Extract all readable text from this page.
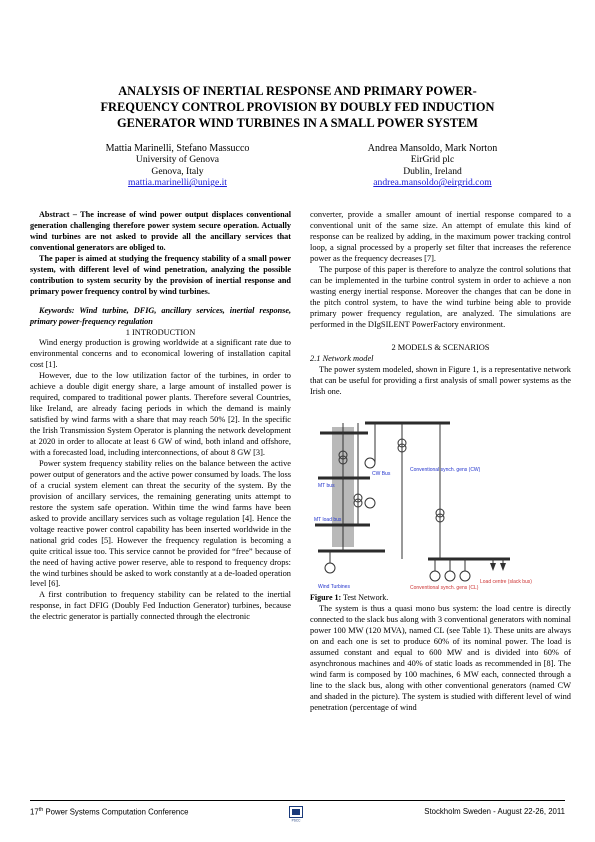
ANALYSIS OF INERTIAL RESPONSE AND PRIMARY POWER-
FREQUENCY CONTROL PROVISION BY DOUBLY FED INDUCTION
GENERATOR WIND TURBINES IN A SMALL POWER SYSTEM
Mattia Marinelli, Stefano Massucco
University of Genova
Genova, Italy
mattia.marinelli@unige.it
Andrea Mansoldo, Mark Norton
EirGrid plc
Dublin, Ireland
andrea.mansoldo@eirgrid.com

Abstract – The increase of wind power output displaces conventional generation challenging therefore power system secure operation. Actually wind turbines are not asked to provide all the ancillary services that conventional generators are obliged to.

The paper is aimed at studying the frequency stability of a small power system, with different level of wind penetration, analyzing the possible contribution to system security by the provision of inertial response and primary power frequency control by wind turbines.

Keywords: Wind turbine, DFIG, ancillary services, inertial response, primary power-frequency regulation

1 INTRODUCTION

Wind energy production is growing worldwide at a significant rate due to environmental concerns and to economical lowering of installation capital cost [1].

However, due to the low utilization factor of the turbines, in order to achieve a double digit energy share, a large amount of installed power is required, compared to traditional power plants. Therefore several Countries, like Ireland, are already facing periods in which the demand is mainly satisfied by wind farms with a share that may reach 50% [2]. In the specific the Irish Transmission System Operator is planning the network development at 2020 in order to allocate at least 6 GW of wind, both inland and offshore, with a forecasted load, including interconnections, of about 8 GW [3].

Power system frequency stability relies on the balance between the active power output of generators and the active power consumed by loads. The loss of a crucial system element can threat the security of the system. By the provision of ancillary services, the remaining generating units attempt to restore the system safe operation. Within time the wind farms have been asked to provide ancillary services such as voltage regulation [4]. Hence the voltage reactive power control capability has been inserted worldwide in the national grid codes [5]. However the frequency regulation is becoming a quite critical issue too. This service cannot be provided for “free” because of the need of having active power reserve, able to respond to frequency drops: the wind turbines should be asked to work constantly at a de-loaded operation level [6].

A first contribution to frequency stability can be related to the inertial response, in fact DFIG (Doubly Fed Induction Generator) turbines, because the electric generator is partially connected through the electronic

converter, provide a smaller amount of inertial response compared to a conventional unit of the same size. An attempt of emulate this kind of response can be realized by adding, in the maximum power tracking control loop, a signal processed by a properly set filter that increases the reference power as the frequency decreases [7].

The purpose of this paper is therefore to analyze the control solutions that can be implemented in the turbine control system in order to achieve a non wasting energy inertial response. Moreover the changes that can be done in the pitch control system, to have the wind turbine being able to provide primary power frequency regulation, are analyzed. The simulations are performed in the DIgSILENT PowerFactory environment.

2 MODELS & SCENARIOS

2.1 Network model

The power system modeled, shown in Figure 1, is a representative network that can be useful for providing a first analysis of small power systems as the Irish one.

CW Bus
Conventional synch. gens (CW)
MT bus
MT load bus
Wind Turbines	Conventional synch. gens (CL)
Load centre (slack bus)

Figure 1: Test Network.

The system is thus a quasi mono bus system: the load centre is directly connected to the slack bus along with 3 conventional generators with nominal power 100 MW (120 MVA), named CL (see Table 1). These units are always on and each one is set to produce 60% of its nominal power. The load is assumed constant and equal to 600 MW and is divided into 60% of asynchronous machines and 40% of static loads as recommended in [8]. The wind farm is composed by 100 machines, 6 MW each, connected through a line to the slack bus, along with other conventional generators (named CW and shaded in the picture). The system is studied with different level of wind penetration (percentage of wind

17th Power Systems Computation Conference
PSCC
Stockholm Sweden - August 22-26, 2011
